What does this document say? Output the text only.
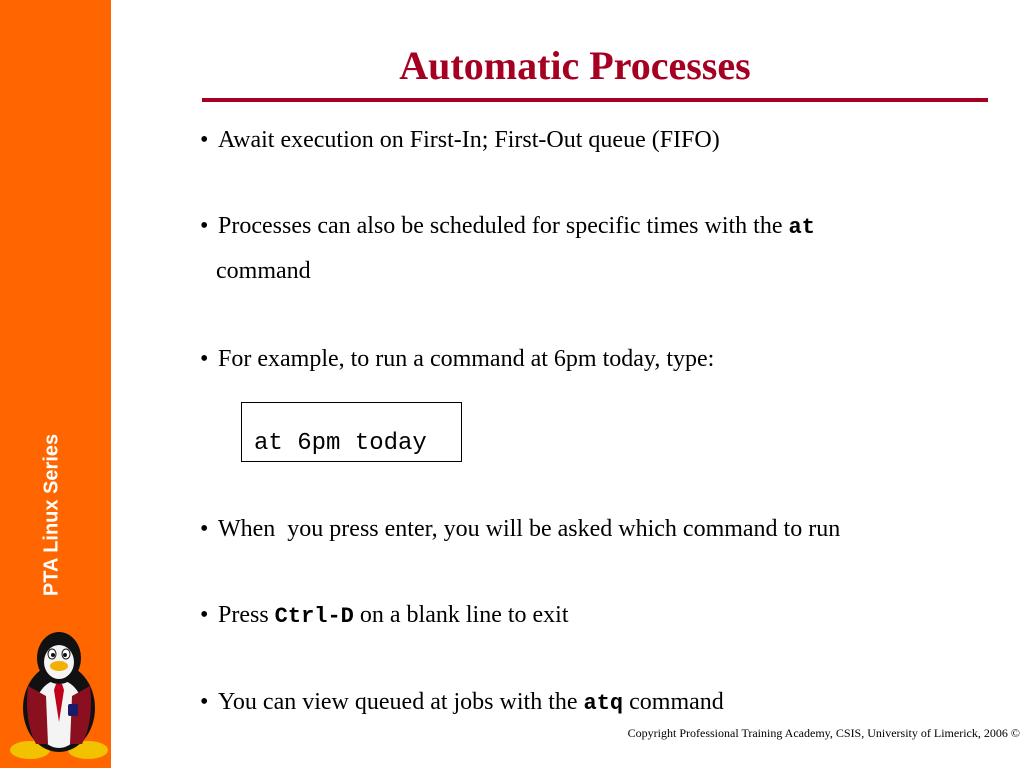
PTA Linux Series
Automatic Processes
• Await execution on First-In; First-Out queue (FIFO)
• Processes can also be scheduled for specific times with the at
command
• For example, to run a command at 6pm today, type:
at 6pm today
• When  you press enter, you will be asked which command to run
• Press Ctrl-D on a blank line to exit
• You can view queued at jobs with the atq command
Copyright Professional Training Academy, CSIS, University of Limerick, 2006 ©
